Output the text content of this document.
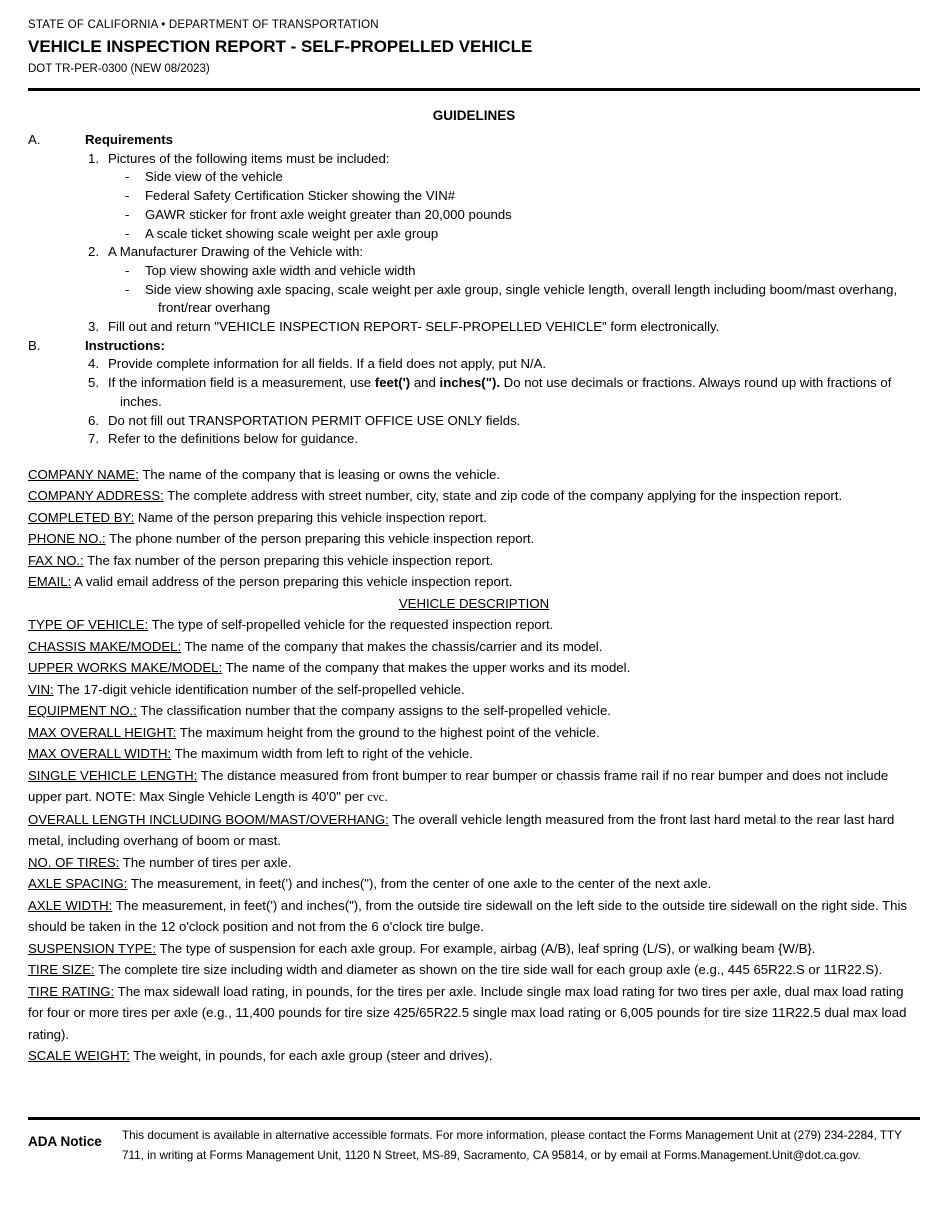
STATE OF CALIFORNIA • DEPARTMENT OF TRANSPORTATION
VEHICLE INSPECTION REPORT - SELF-PROPELLED VEHICLE
DOT TR-PER-0300 (NEW 08/2023)
GUIDELINES
A.	Requirements
1. Pictures of the following items must be included:
-	Side view of the vehicle
-	Federal Safety Certification Sticker showing the VIN#
-	GAWR sticker for front axle weight greater than 20,000 pounds
-	A scale ticket showing scale weight per axle group
2. A Manufacturer Drawing of the Vehicle with:
-	Top view showing axle width and vehicle width
-	Side view showing axle spacing, scale weight per axle group, single vehicle length, overall length including boom/mast overhang, front/rear overhang
3. Fill out and return "VEHICLE INSPECTION REPORT- SELF-PROPELLED VEHICLE" form electronically.
B.	Instructions:
4. Provide complete information for all fields. If a field does not apply, put N/A.
5. If the information field is a measurement, use feet(') and inches("). Do not use decimals or fractions. Always round up with fractions of inches.
6. Do not fill out TRANSPORTATION PERMIT OFFICE USE ONLY fields.
7. Refer to the definitions below for guidance.

COMPANY NAME: The name of the company that is leasing or owns the vehicle.

COMPANY ADDRESS: The complete address with street number, city, state and zip code of the company applying for the inspection report.

COMPLETED BY: Name of the person preparing this vehicle inspection report.

PHONE NO.: The phone number of the person preparing this vehicle inspection report.

FAX NO.: The fax number of the person preparing this vehicle inspection report.

EMAIL: A valid email address of the person preparing this vehicle inspection report.

VEHICLE DESCRIPTION

TYPE OF VEHICLE: The type of self-propelled vehicle for the requested inspection report.

CHASSIS MAKE/MODEL: The name of the company that makes the chassis/carrier and its model.

UPPER WORKS MAKE/MODEL: The name of the company that makes the upper works and its model.

VIN: The 17-digit vehicle identification number of the self-propelled vehicle.

EQUIPMENT NO.: The classification number that the company assigns to the self-propelled vehicle.

MAX OVERALL HEIGHT: The maximum height from the ground to the highest point of the vehicle.

MAX OVERALL WIDTH: The maximum width from left to right of the vehicle.

SINGLE VEHICLE LENGTH: The distance measured from front bumper to rear bumper or chassis frame rail if no rear bumper and does not include upper part. NOTE: Max Single Vehicle Length is 40'0" per cvc.

OVERALL LENGTH INCLUDING BOOM/MAST/OVERHANG: The overall vehicle length measured from the front last hard metal to the rear last hard metal, including overhang of boom or mast.

NO. OF TIRES: The number of tires per axle.

AXLE SPACING: The measurement, in feet(') and inches("), from the center of one axle to the center of the next axle.

AXLE WIDTH: The measurement, in feet(') and inches("), from the outside tire sidewall on the left side to the outside tire sidewall on the right side. This should be taken in the 12 o'clock position and not from the 6 o'clock tire bulge.

SUSPENSION TYPE: The type of suspension for each axle group. For example, airbag (A/B), leaf spring (L/S), or walking beam {W/B}.

TIRE SIZE: The complete tire size including width and diameter as shown on the tire side wall for each group axle (e.g., 445 65R22.S or 11R22.S).

TIRE RATING: The max sidewall load rating, in pounds, for the tires per axle. Include single max load rating for two tires per axle, dual max load rating for four or more tires per axle (e.g., 11,400 pounds for tire size 425/65R22.5 single max load rating or 6,005 pounds for tire size 11R22.5 dual max load rating).

SCALE WEIGHT: The weight, in pounds, for each axle group (steer and drives).

ADA Notice	This document is available in alternative accessible formats. For more information, please contact the Forms Management Unit at (279) 234-2284, TTY 711, in writing at Forms Management Unit, 1120 N Street, MS-89, Sacramento, CA 95814, or by email at Forms.Management.Unit@dot.ca.gov.
